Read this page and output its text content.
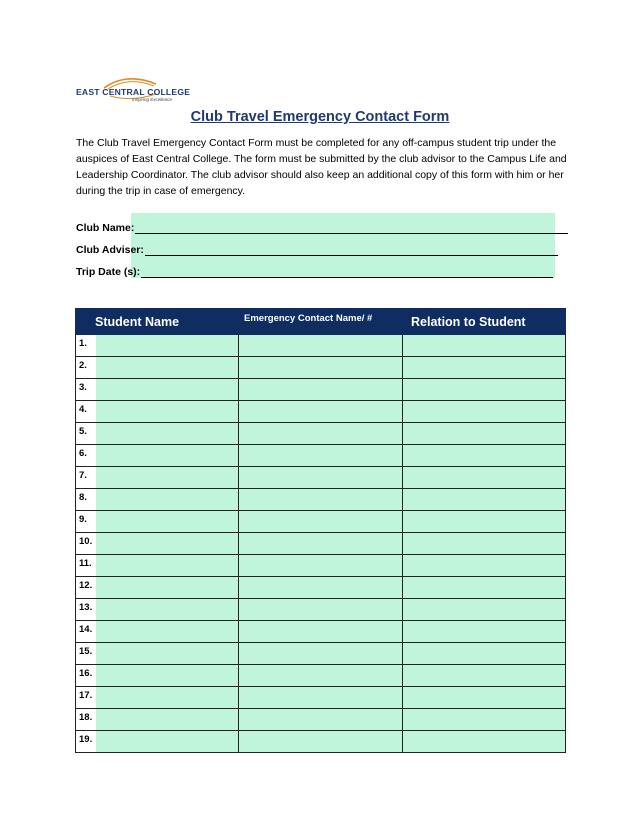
EAST CENTRAL COLLEGE
Inspiring Excellence
Club Travel Emergency Contact Form

The Club Travel Emergency Contact Form must be completed for any off-campus student trip under the auspices of East Central College. The form must be submitted by the club advisor to the Campus Life and Leadership Coordinator. The club advisor should also keep an additional copy of this form with him or her during the trip in case of emergency.

Club Name:
Club Adviser:
Trip Date (s):
Student Name	Emergency Contact Name/ #	Relation to Student
1.
2.
3.
4.
5.
6.
7.
8.
9.
10.
11.
12.
13.
14.
15.
16.
17.
18.
19.
